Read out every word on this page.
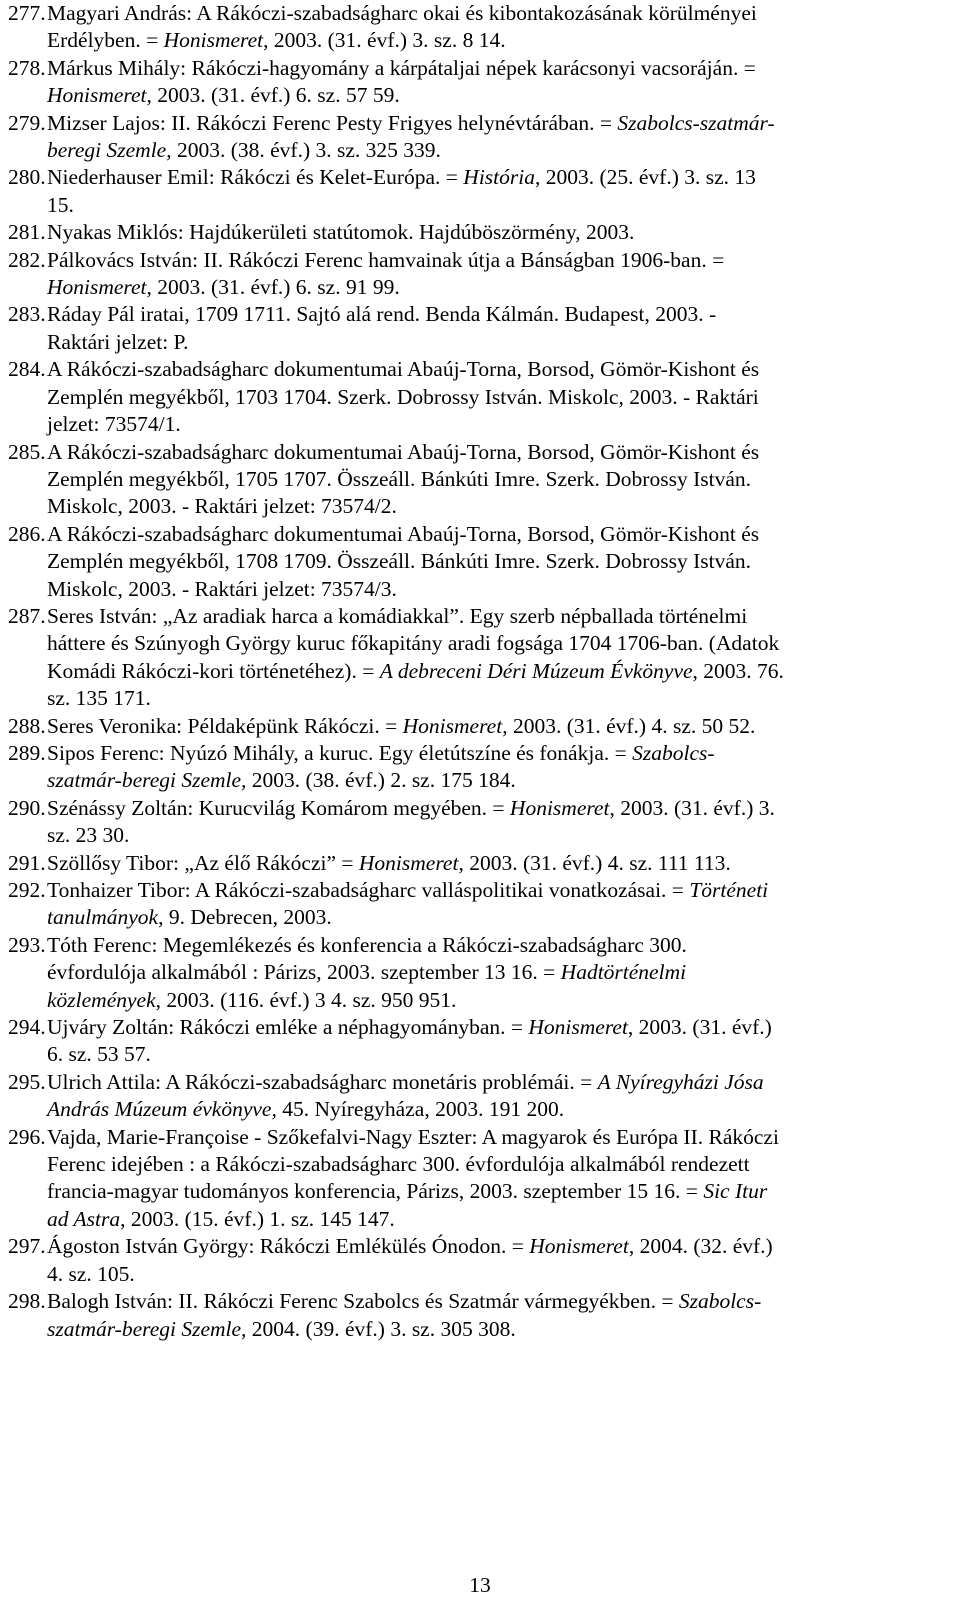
277. Magyari András: A Rákóczi-szabadságharc okai és kibontakozásának körülményei
Erdélyben. = Honismeret, 2003. (31. évf.) 3. sz. 8 14.
278. Márkus Mihály: Rákóczi-hagyomány a kárpátaljai népek karácsonyi vacsoráján. =
Honismeret, 2003. (31. évf.) 6. sz. 57 59.
279. Mizser Lajos: II. Rákóczi Ferenc Pesty Frigyes helynévtárában. = Szabolcs-szatmár-
beregi Szemle, 2003. (38. évf.) 3. sz. 325 339.
280. Niederhauser Emil: Rákóczi és Kelet-Európa. = História, 2003. (25. évf.) 3. sz. 13
15.
281. Nyakas Miklós: Hajdúkerületi statútomok. Hajdúböszörmény, 2003.
282. Pálkovács István: II. Rákóczi Ferenc hamvainak útja a Bánságban 1906-ban. =
Honismeret, 2003. (31. évf.) 6. sz. 91 99.
283. Ráday Pál iratai, 1709 1711. Sajtó alá rend. Benda Kálmán. Budapest, 2003. -
Raktári jelzet: P.
284. A Rákóczi-szabadságharc dokumentumai Abaúj-Torna, Borsod, Gömör-Kishont és
Zemplén megyékből, 1703 1704. Szerk. Dobrossy István. Miskolc, 2003. - Raktári
jelzet: 73574/1.
285. A Rákóczi-szabadságharc dokumentumai Abaúj-Torna, Borsod, Gömör-Kishont és
Zemplén megyékből, 1705 1707. Összeáll. Bánkúti Imre. Szerk. Dobrossy István.
Miskolc, 2003. - Raktári jelzet: 73574/2.
286. A Rákóczi-szabadságharc dokumentumai Abaúj-Torna, Borsod, Gömör-Kishont és
Zemplén megyékből, 1708 1709. Összeáll. Bánkúti Imre. Szerk. Dobrossy István.
Miskolc, 2003. - Raktári jelzet: 73574/3.
287. Seres István: „Az aradiak harca a komádiakkal”. Egy szerb népballada történelmi
háttere és Szúnyogh György kuruc főkapitány aradi fogsága 1704 1706-ban. (Adatok
Komádi Rákóczi-kori történetéhez). = A debreceni Déri Múzeum Évkönyve, 2003. 76.
sz. 135 171.
288. Seres Veronika: Példaképünk Rákóczi. = Honismeret, 2003. (31. évf.) 4. sz. 50 52.
289. Sipos Ferenc: Nyúzó Mihály, a kuruc. Egy életútszíne és fonákja. = Szabolcs-
szatmár-beregi Szemle, 2003. (38. évf.) 2. sz. 175 184.
290. Szénássy Zoltán: Kurucvilág Komárom megyében. = Honismeret, 2003. (31. évf.) 3.
sz. 23 30.
291. Szöllősy Tibor: „Az élő Rákóczi” = Honismeret, 2003. (31. évf.) 4. sz. 111 113.
292. Tonhaizer Tibor: A Rákóczi-szabadságharc valláspolitikai vonatkozásai. = Történeti
tanulmányok, 9. Debrecen, 2003.
293. Tóth Ferenc: Megemlékezés és konferencia a Rákóczi-szabadságharc 300.
évfordulója alkalmából : Párizs, 2003. szeptember 13 16. = Hadtörténelmi
közlemények, 2003. (116. évf.) 3 4. sz. 950 951.
294. Ujváry Zoltán: Rákóczi emléke a néphagyományban. = Honismeret, 2003. (31. évf.)
6. sz. 53 57.
295. Ulrich Attila: A Rákóczi-szabadságharc monetáris problémái. = A Nyíregyházi Jósa
András Múzeum évkönyve, 45. Nyíregyháza, 2003. 191 200.
296. Vajda, Marie-Françoise - Szőkefalvi-Nagy Eszter: A magyarok és Európa II. Rákóczi
Ferenc idejében : a Rákóczi-szabadságharc 300. évfordulója alkalmából rendezett
francia-magyar tudományos konferencia, Párizs, 2003. szeptember 15 16. = Sic Itur
ad Astra, 2003. (15. évf.) 1. sz. 145 147.
297. Ágoston István György: Rákóczi Emlékülés Ónodon. = Honismeret, 2004. (32. évf.)
4. sz. 105.
298. Balogh István: II. Rákóczi Ferenc Szabolcs és Szatmár vármegyékben. = Szabolcs-
szatmár-beregi Szemle, 2004. (39. évf.) 3. sz. 305 308.
13
